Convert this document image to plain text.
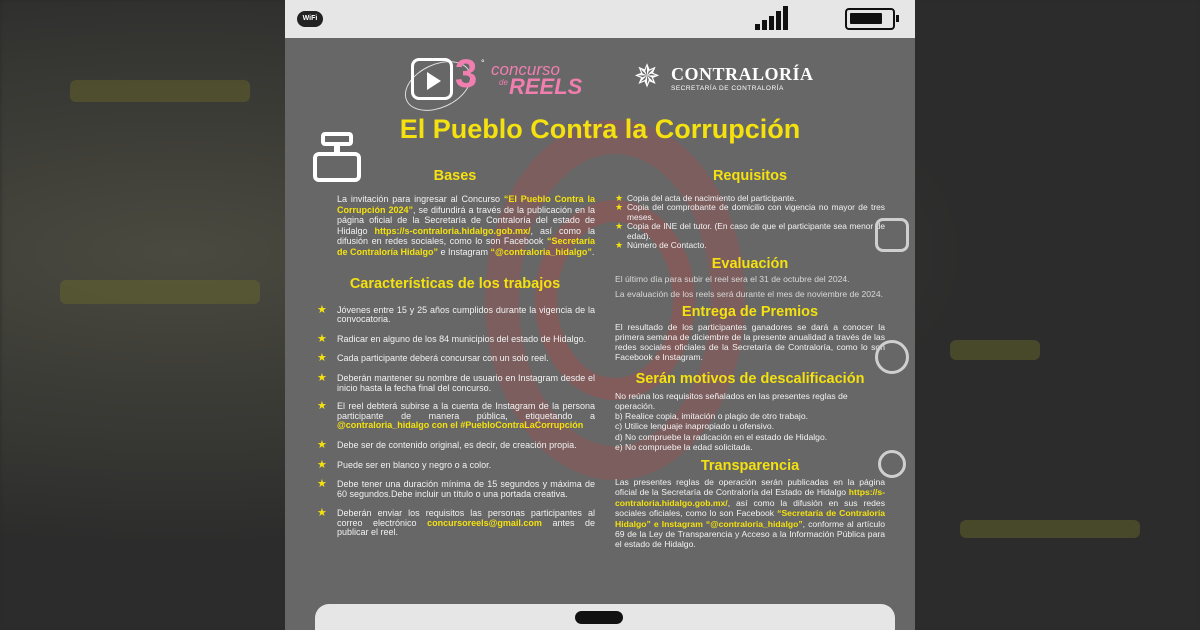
WiFi
3 ° concurso
de REELS ✵ CONTRALORÍA
SECRETARÍA DE CONTRALORÍA
El Pueblo Contra la Corrupción
Bases
La invitación para ingresar al Concurso “El Pueblo Contra la Corrupción 2024”, se difundirá a través de la publicación en la página oficial de la Secretaría de Contraloría del estado de Hidalgo https://s-contraloria.hidalgo.gob.mx/, así como la difusión en redes sociales, como lo son Facebook “Secretaría de Contraloría Hidalgo” e Instagram “@contraloria_hidalgo”.
Características de los trabajos
★ Jóvenes entre 15 y 25 años cumplidos durante la vigencia de la convocatoria.
★ Radicar en alguno de los 84 municipios del estado de Hidalgo.
★ Cada participante deberá concursar con un solo reel.
★ Deberán mantener su nombre de usuario en Instagram desde el inicio hasta la fecha final del concurso.
★ El reel debterá subirse a la cuenta de Instagram de la persona participante de manera pública, etiquetando a @contraloria_hidalgo con el #PuebloContraLaCorrupción
★ Debe ser de contenido original, es decir, de creación propia.
★ Puede ser en blanco y negro o a color.
★ Debe tener una duración mínima de 15 segundos y máxima de 60 segundos.Debe incluir un título o una portada creativa.
★ Deberán enviar los requisitos las personas participantes al correo electrónico concursoreels@gmail.com antes de publicar el reel.
Requisitos
★ Copia del acta de nacimiento del participante.
★ Copia del comprobante de domicilio con vigencia no mayor de tres meses.
★ Copia de INE del tutor. (En caso de que el participante sea menor de edad).
★ Número de Contacto.
Evaluación
El último día para subir el reel sera el 31 de octubre del 2024.
La evaluación de los reels será durante el mes de noviembre de 2024.
Entrega de Premios
El resultado de los participantes ganadores se dará a conocer la primera semana de diciembre de la presente anualidad a través de las redes sociales oficiales de la Secretaría de Contraloría, como lo son Facebook e Instagram.
Serán motivos de descalificación
No reúna los requisitos señalados en las presentes reglas de operación.
b) Realice copia, imitación o plagio de otro trabajo.
c) Utilice lenguaje inapropiado u ofensivo.
d) No compruebe la radicación en el estado de Hidalgo.
e) No compruebe la edad solicitada.
Transparencia
Las presentes reglas de operación serán publicadas en la página oficial de la Secretaría de Contraloría del Estado de Hidalgo https://s-contraloria.hidalgo.gob.mx/, así como la difusión en sus redes sociales oficiales, como lo son Facebook “Secretaría de Contraloría Hidalgo” e Instagram “@contraloria_hidalgo”, conforme al artículo 69 de la Ley de Transparencia y Acceso a la Información Pública para el estado de Hidalgo.
